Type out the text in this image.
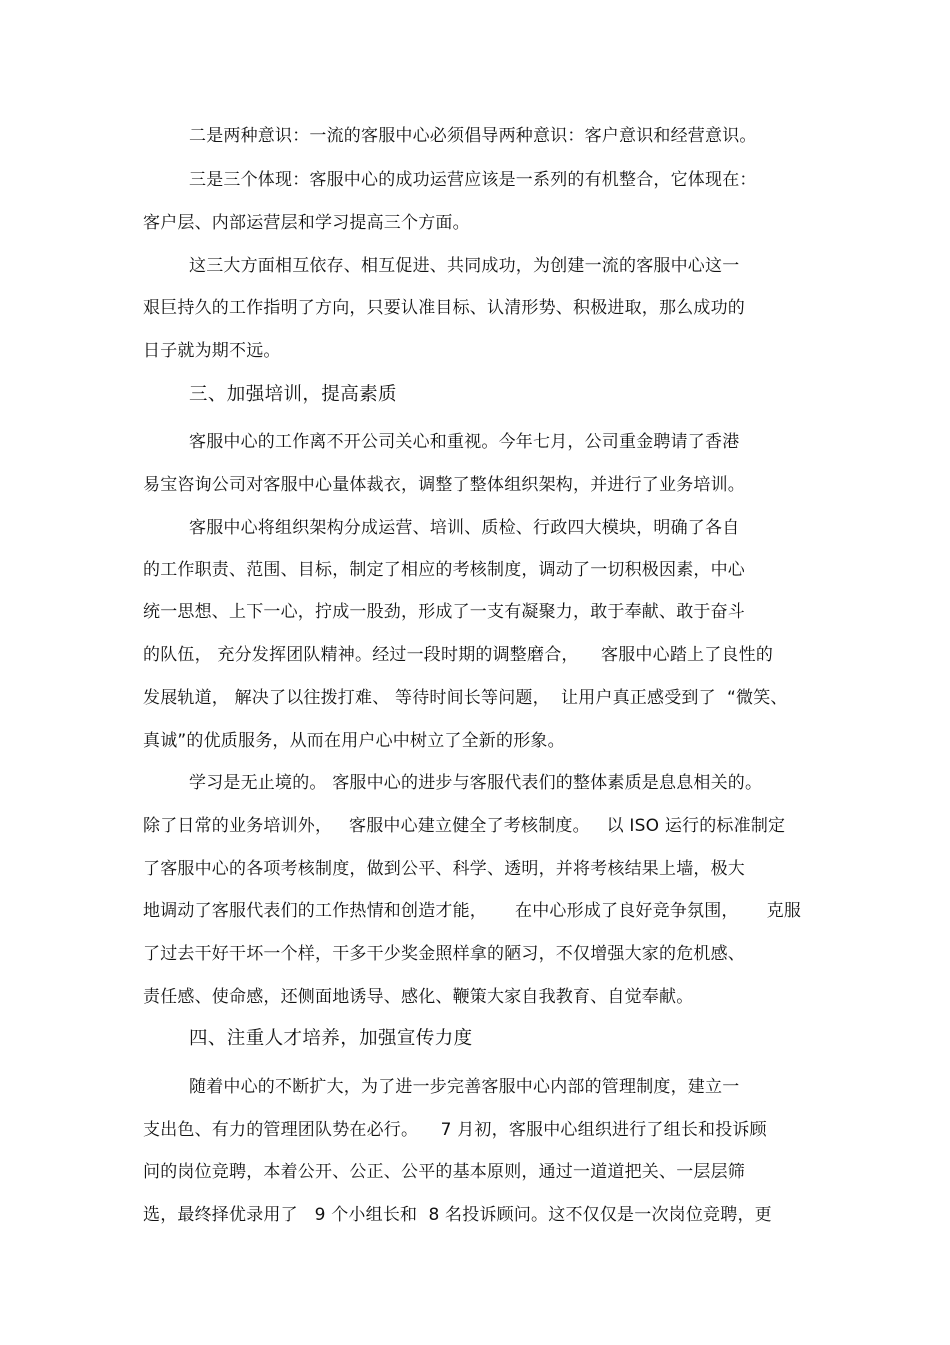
二是两种意识：一流的客服中心必须倡导两种意识：客户意识和经营意识。
三是三个体现：客服中心的成功运营应该是一系列的有机整合，它体现在：
客户层、内部运营层和学习提高三个方面。
这三大方面相互依存、相互促进、共同成功，为创建一流的客服中心这一
艰巨持久的工作指明了方向，只要认准目标、认清形势、积极进取，那么成功的
日子就为期不远。
三、加强培训，提高素质
客服中心的工作离不开公司关心和重视。今年七月，公司重金聘请了香港
易宝咨询公司对客服中心量体裁衣，调整了整体组织架构，并进行了业务培训。
客服中心将组织架构分成运营、培训、质检、行政四大模块，明确了各自
的工作职责、范围、目标，制定了相应的考核制度，调动了一切积极因素，中心
统一思想、上下一心，拧成一股劲，形成了一支有凝聚力，敢于奉献、敢于奋斗
的队伍， 充分发挥团队精神。经过一段时期的调整磨合，    客服中心踏上了良性的
发展轨道， 解决了以往拨打难、 等待时间长等问题，  让用户真正感受到了  “微笑、
真诚”的优质服务，从而在用户心中树立了全新的形象。
学习是无止境的。 客服中心的进步与客服代表们的整体素质是息息相关的。
除了日常的业务培训外，   客服中心建立健全了考核制度。   以 ISO 运行的标准制定
了客服中心的各项考核制度，做到公平、科学、透明，并将考核结果上墙，极大
地调动了客服代表们的工作热情和创造才能，     在中心形成了良好竞争氛围，     克服
了过去干好干坏一个样，干多干少奖金照样拿的陋习，不仅增强大家的危机感、
责任感、使命感，还侧面地诱导、感化、鞭策大家自我教育、自觉奉献。
四、注重人才培养，加强宣传力度
随着中心的不断扩大，为了进一步完善客服中心内部的管理制度，建立一
支出色、有力的管理团队势在必行。    7 月初，客服中心组织进行了组长和投诉顾
问的岗位竞聘，本着公开、公正、公平的基本原则，通过一道道把关、一层层筛
选，最终择优录用了   9 个小组长和  8 名投诉顾问。这不仅仅是一次岗位竞聘，更
